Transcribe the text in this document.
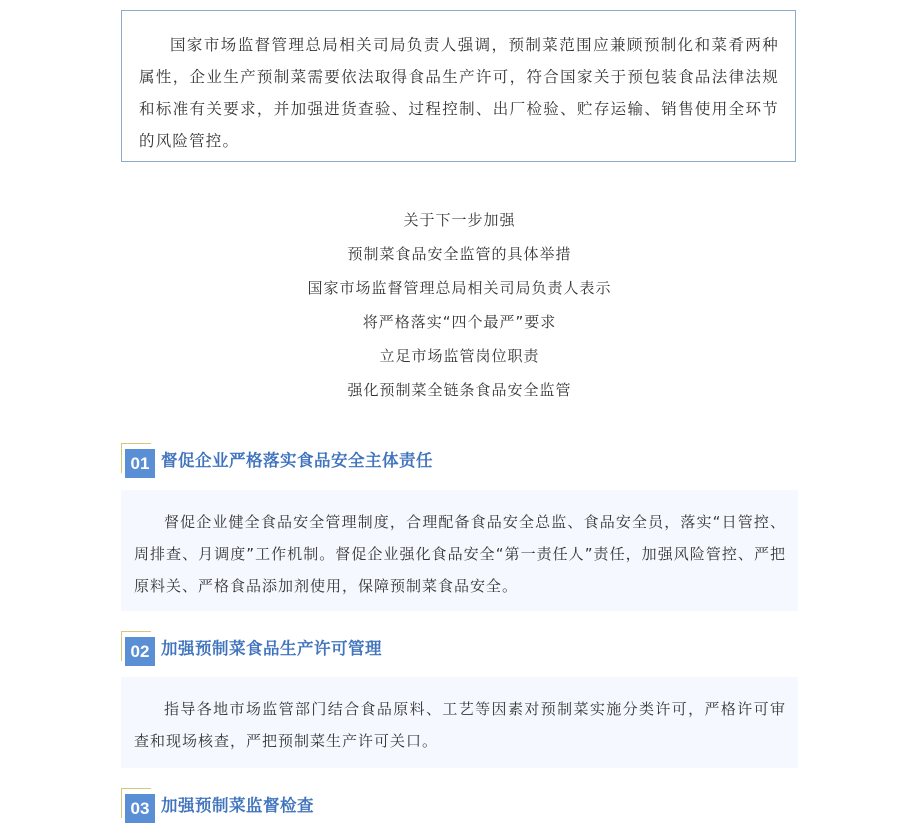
国家市场监督管理总局相关司局负责人强调，预制菜范围应兼顾预制化和菜肴两种属性，企业生产预制菜需要依法取得食品生产许可，符合国家关于预包装食品法律法规和标准有关要求，并加强进货查验、过程控制、出厂检验、贮存运输、销售使用全环节的风险管控。

关于下一步加强
预制菜食品安全监管的具体举措
国家市场监督管理总局相关司局负责人表示
将严格落实“四个最严”要求
立足市场监管岗位职责
强化预制菜全链条食品安全监管
01 督促企业严格落实食品安全主体责任

督促企业健全食品安全管理制度，合理配备食品安全总监、食品安全员，落实“日管控、周排查、月调度”工作机制。督促企业强化食品安全“第一责任人”责任，加强风险管控、严把原料关、严格食品添加剂使用，保障预制菜食品安全。

02 加强预制菜食品生产许可管理

指导各地市场监管部门结合食品原料、工艺等因素对预制菜实施分类许可，严格许可审查和现场核查，严把预制菜生产许可关口。

03 加强预制菜监督检查
